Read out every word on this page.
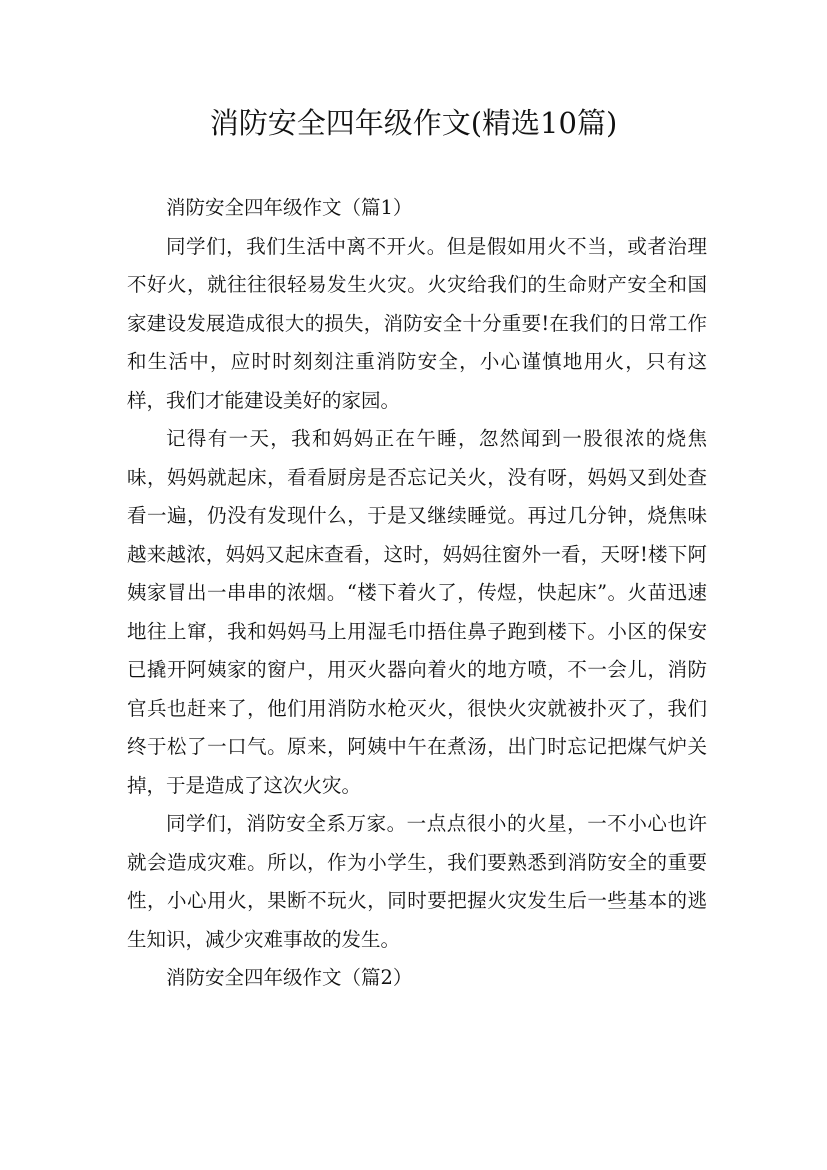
消防安全四年级作文(精选10篇)

消防安全四年级作文（篇1）

同学们，我们生活中离不开火。但是假如用火不当，或者治理不好火，就往往很轻易发生火灾。火灾给我们的生命财产安全和国家建设发展造成很大的损失，消防安全十分重要!在我们的日常工作和生活中，应时时刻刻注重消防安全，小心谨慎地用火，只有这样，我们才能建设美好的家园。

记得有一天，我和妈妈正在午睡，忽然闻到一股很浓的烧焦味，妈妈就起床，看看厨房是否忘记关火，没有呀，妈妈又到处查看一遍，仍没有发现什么，于是又继续睡觉。再过几分钟，烧焦味越来越浓，妈妈又起床查看，这时，妈妈往窗外一看，天呀!楼下阿姨家冒出一串串的浓烟。“楼下着火了，传煜，快起床”。火苗迅速地往上窜，我和妈妈马上用湿毛巾捂住鼻子跑到楼下。小区的保安已撬开阿姨家的窗户，用灭火器向着火的地方喷，不一会儿，消防官兵也赶来了，他们用消防水枪灭火，很快火灾就被扑灭了，我们终于松了一口气。原来，阿姨中午在煮汤，出门时忘记把煤气炉关掉，于是造成了这次火灾。

同学们，消防安全系万家。一点点很小的火星，一不小心也许就会造成灾难。所以，作为小学生，我们要熟悉到消防安全的重要性，小心用火，果断不玩火，同时要把握火灾发生后一些基本的逃生知识，减少灾难事故的发生。

消防安全四年级作文（篇2）
